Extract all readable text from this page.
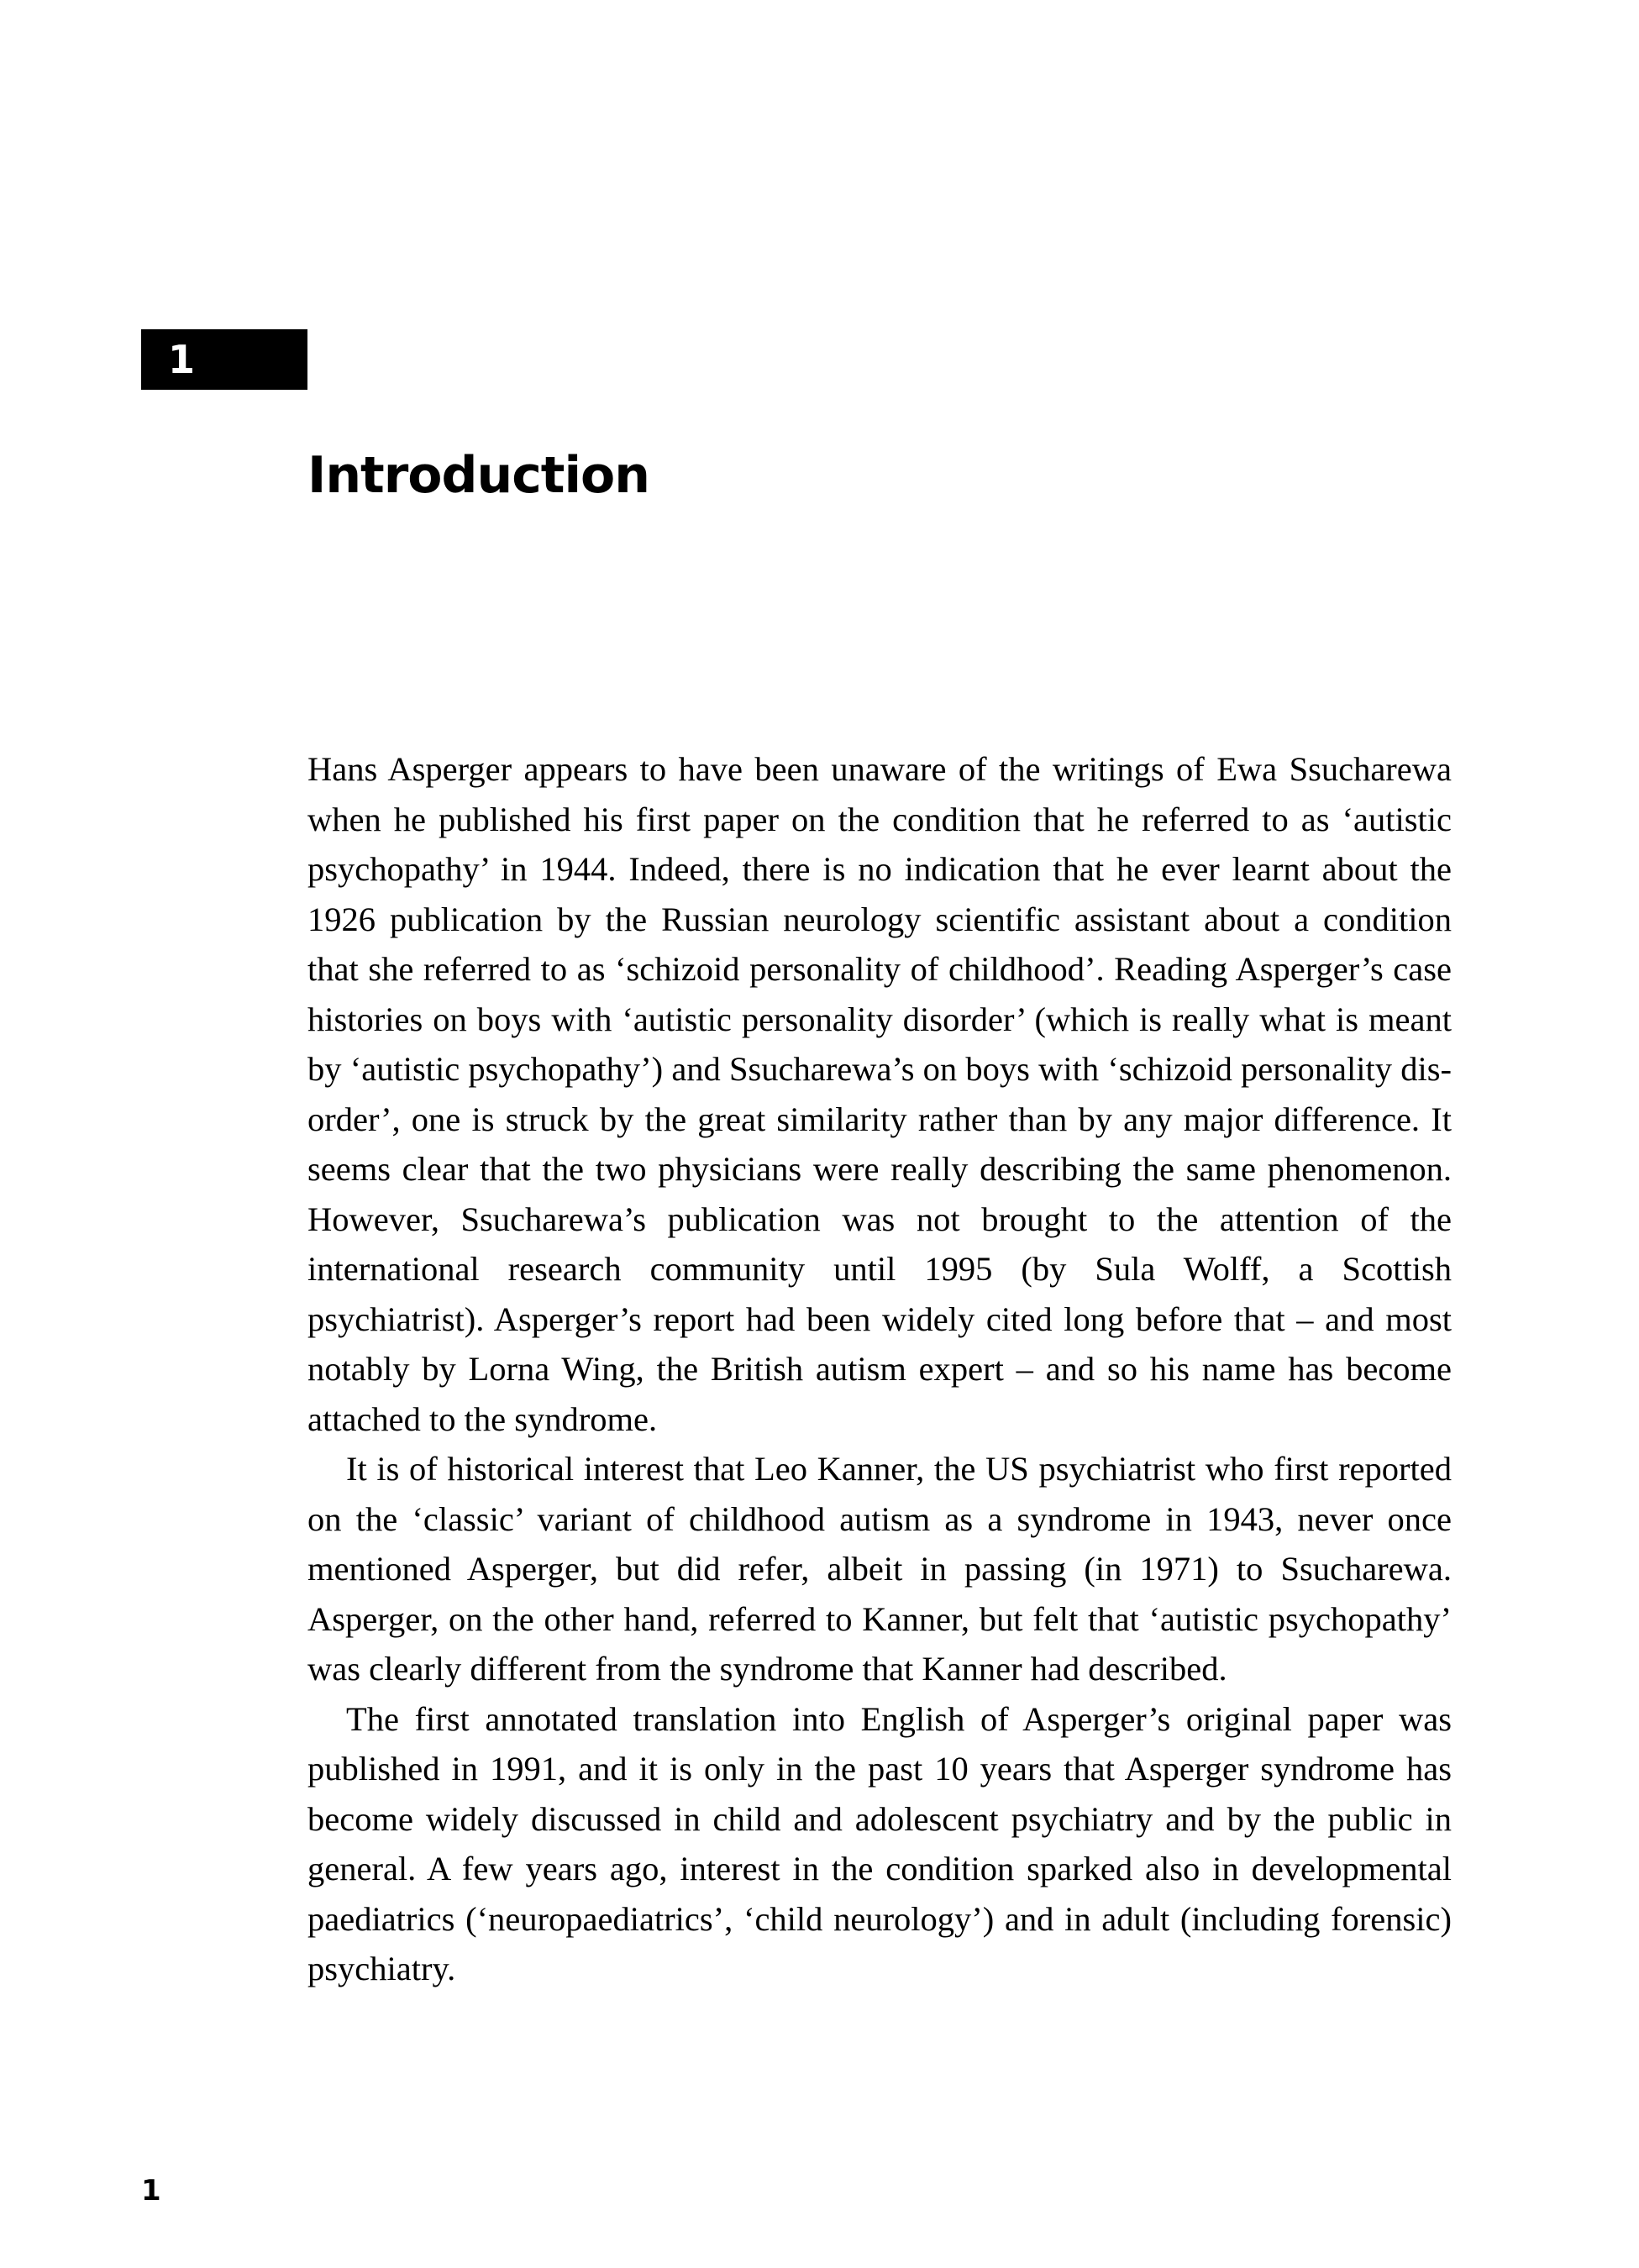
1
Introduction

Hans Asperger appears to have been unaware of the writings of Ewa Ssucharewa when he published his first paper on the condition that he referred to as ‘autistic psychopathy’ in 1944. Indeed, there is no indication that he ever learnt about the 1926 publication by the Russian neurology scientific assistant about a condition that she referred to as ‘schizoid personality of childhood’. Reading Asperger’s case histories on boys with ‘autistic personality disorder’ (which is really what is meant by ‘autistic psychopathy’) and Ssucharewa’s on boys with ‘schizoid personality disorder’, one is struck by the great similarity rather than by any major difference. It seems clear that the two physicians were really describing the same phenomenon. However, Ssucharewa’s publication was not brought to the attention of the international research community until 1995 (by Sula Wolff, a Scottish psychiatrist). Asperger’s report had been widely cited long before that – and most notably by Lorna Wing, the British autism expert – and so his name has become attached to the syndrome.

It is of historical interest that Leo Kanner, the US psychiatrist who first reported on the ‘classic’ variant of childhood autism as a syndrome in 1943, never once mentioned Asperger, but did refer, albeit in passing (in 1971) to Ssucharewa. Asperger, on the other hand, referred to Kanner, but felt that ‘autistic psychopathy’ was clearly different from the syndrome that Kanner had described.

The first annotated translation into English of Asperger’s original paper was published in 1991, and it is only in the past 10 years that Asperger syndrome has become widely discussed in child and adolescent psychiatry and by the public in general. A few years ago, interest in the condition sparked also in developmental paediatrics (‘neuropaediatrics’, ‘child neurology’) and in adult (including forensic) psychiatry.

1
